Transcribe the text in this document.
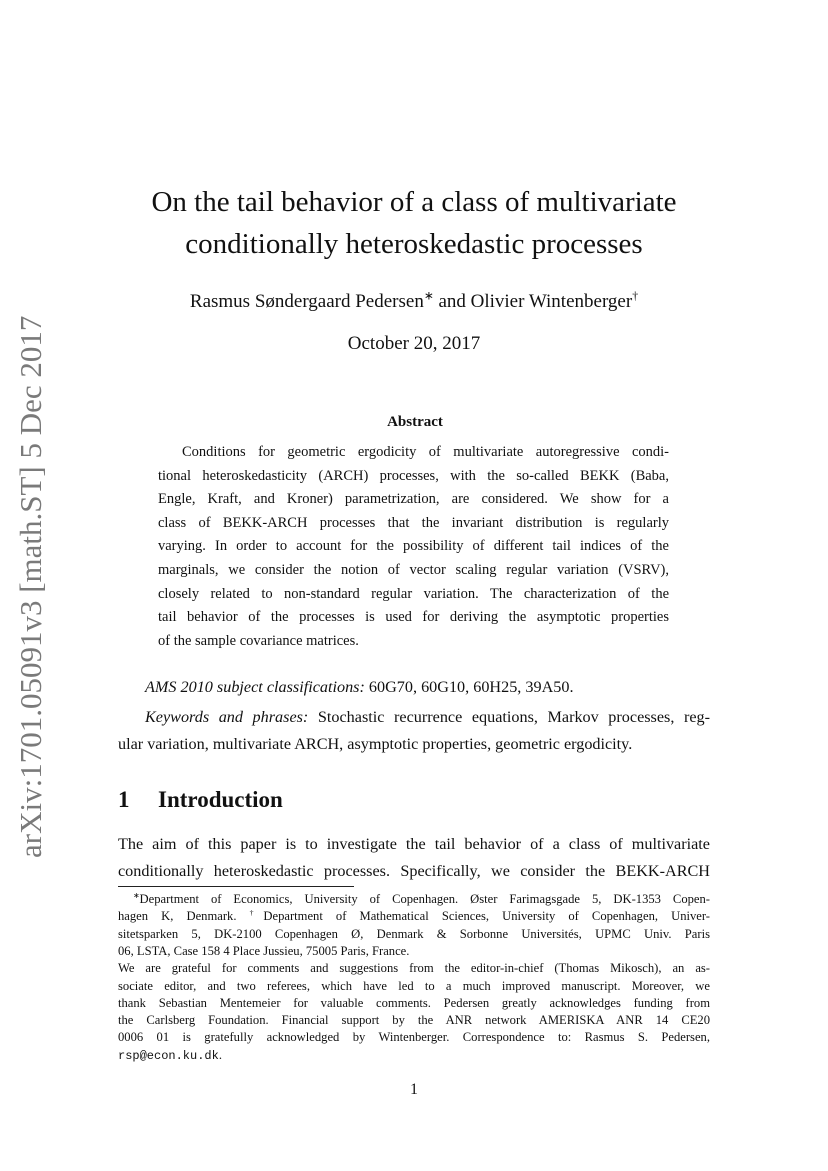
arXiv:1701.05091v3 [math.ST] 5 Dec 2017
On the tail behavior of a class of multivariate
conditionally heteroskedastic processes
Rasmus Søndergaard Pedersen∗ and Olivier Wintenberger†
October 20, 2017
Abstract
Conditions for geometric ergodicity of multivariate autoregressive condi-
tional heteroskedasticity (ARCH) processes, with the so-called BEKK (Baba,
Engle, Kraft, and Kroner) parametrization, are considered. We show for a
class of BEKK-ARCH processes that the invariant distribution is regularly
varying. In order to account for the possibility of different tail indices of the
marginals, we consider the notion of vector scaling regular variation (VSRV),
closely related to non-standard regular variation. The characterization of the
tail behavior of the processes is used for deriving the asymptotic properties
of the sample covariance matrices.
AMS 2010 subject classifications: 60G70, 60G10, 60H25, 39A50.
Keywords and phrases: Stochastic recurrence equations, Markov processes, reg-
ular variation, multivariate ARCH, asymptotic properties, geometric ergodicity.
1 Introduction
The aim of this paper is to investigate the tail behavior of a class of multivariate
conditionally heteroskedastic processes. Specifically, we consider the BEKK-ARCH
∗Department of Economics, University of Copenhagen. Øster Farimagsgade 5, DK-1353 Copen-
hagen K, Denmark. †Department of Mathematical Sciences, University of Copenhagen, Univer-
sitetsparken 5, DK-2100 Copenhagen Ø, Denmark & Sorbonne Universités, UPMC Univ. Paris
06, LSTA, Case 158 4 Place Jussieu, 75005 Paris, France.
We are grateful for comments and suggestions from the editor-in-chief (Thomas Mikosch), an as-
sociate editor, and two referees, which have led to a much improved manuscript. Moreover, we
thank Sebastian Mentemeier for valuable comments. Pedersen greatly acknowledges funding from
the Carlsberg Foundation. Financial support by the ANR network AMERISKA ANR 14 CE20
0006 01 is gratefully acknowledged by Wintenberger. Correspondence to: Rasmus S. Pedersen,
rsp@econ.ku.dk.
1
